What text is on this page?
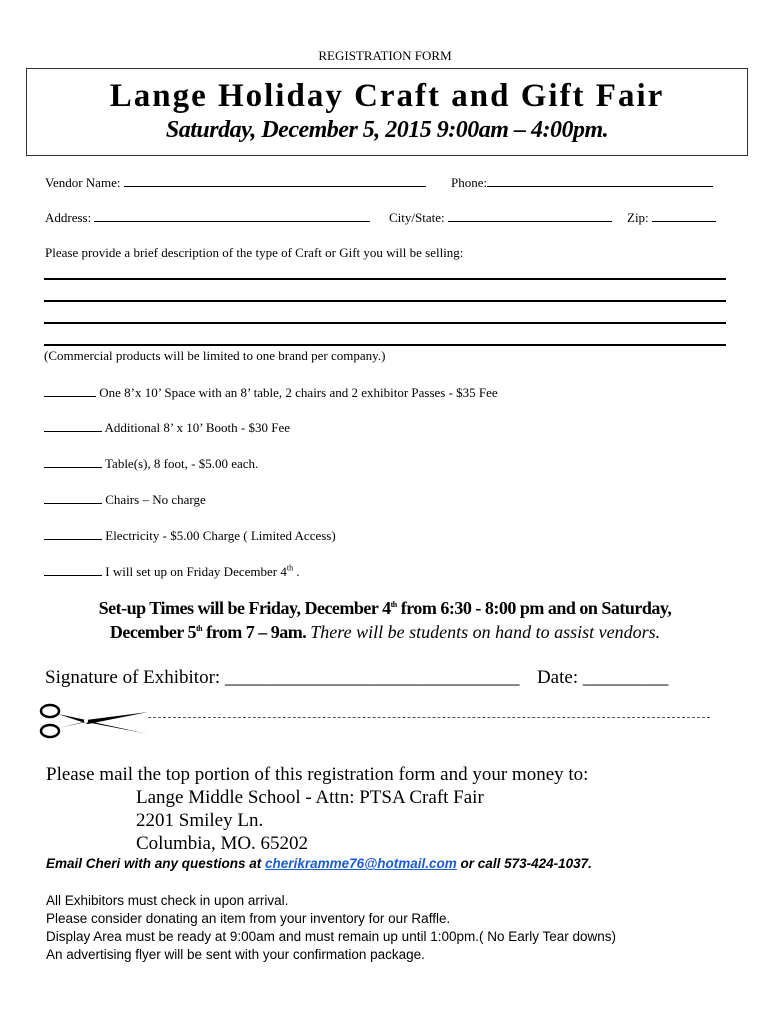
REGISTRATION FORM
Lange Holiday Craft and Gift Fair
Saturday, December 5, 2015 9:00am – 4:00pm.
Vendor Name:	Phone:
Address:	City/State:	Zip:
Please provide a brief description of the type of Craft or Gift you will be selling:
(Commercial products will be limited to one brand per company.)
One 8’x 10’ Space with an 8’ table, 2 chairs and 2 exhibitor Passes - $35 Fee
Additional 8’ x 10’ Booth - $30 Fee
Table(s), 8 foot, - $5.00 each.
Chairs – No charge
Electricity - $5.00 Charge ( Limited Access)
I will set up on Friday December 4th .
Set-up Times will be Friday, December 4th from 6:30 - 8:00 pm and on Saturday,
December 5th from 7 – 9am. There will be students on hand to assist vendors.
Signature of Exhibitor: _______________________________ Date: _________
Please mail the top portion of this registration form and your money to:
Lange Middle School - Attn: PTSA Craft Fair
2201 Smiley Ln.
Columbia, MO. 65202
Email Cheri with any questions at cherikramme76@hotmail.com or call 573-424-1037.
All Exhibitors must check in upon arrival.
Please consider donating an item from your inventory for our Raffle.
Display Area must be ready at 9:00am and must remain up until 1:00pm.( No Early Tear downs)
An advertising flyer will be sent with your confirmation package.
